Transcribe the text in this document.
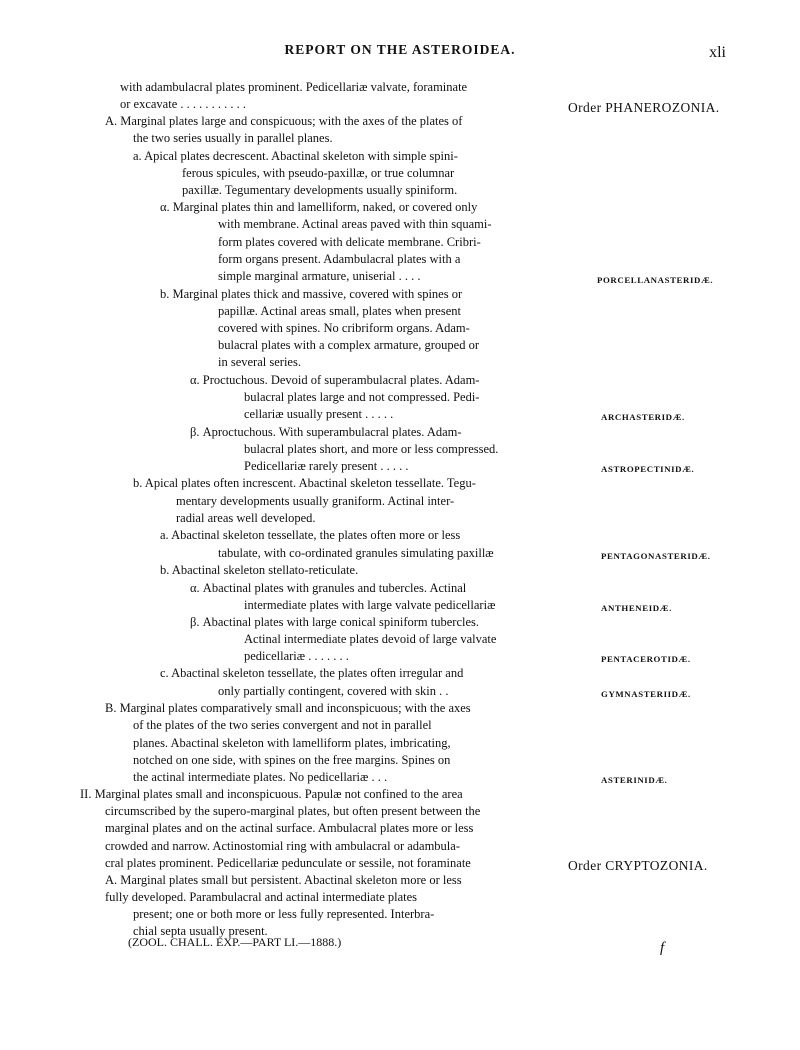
REPORT ON THE ASTEROIDEA.	xli
with adambulacral plates prominent. Pedicellariæ valvate, foraminate
or excavate . . . . . . . . . . .
A. Marginal plates large and conspicuous; with the axes of the plates of
the two series usually in parallel planes.
a. Apical plates decrescent. Abactinal skeleton with simple spini-
ferous spicules, with pseudo-paxillæ, or true columnar
paxillæ. Tegumentary developments usually spiniform.
α. Marginal plates thin and lamelliform, naked, or covered only
with membrane. Actinal areas paved with thin squami-
form plates covered with delicate membrane. Cribri-
form organs present. Adambulacral plates with a
simple marginal armature, uniserial . . . .
b. Marginal plates thick and massive, covered with spines or
papillæ. Actinal areas small, plates when present
covered with spines. No cribriform organs. Adam-
bulacral plates with a complex armature, grouped or
in several series.
α. Proctuchous. Devoid of superambulacral plates. Adam-
bulacral plates large and not compressed. Pedi-
cellariæ usually present . . . . .
β. Aproctuchous. With superambulacral plates. Adam-
bulacral plates short, and more or less compressed.
Pedicellariæ rarely present . . . . .
b. Apical plates often increscent. Abactinal skeleton tessellate. Tegu-
mentary developments usually graniform. Actinal inter-
radial areas well developed.
a. Abactinal skeleton tessellate, the plates often more or less
tabulate, with co-ordinated granules simulating paxillæ
b. Abactinal skeleton stellato-reticulate.
α. Abactinal plates with granules and tubercles. Actinal
intermediate plates with large valvate pedicellariæ
β. Abactinal plates with large conical spiniform tubercles.
Actinal intermediate plates devoid of large valvate
pedicellariæ . . . . . . .
c. Abactinal skeleton tessellate, the plates often irregular and
only partially contingent, covered with skin . .
B. Marginal plates comparatively small and inconspicuous; with the axes
of the plates of the two series convergent and not in parallel
planes. Abactinal skeleton with lamelliform plates, imbricating,
notched on one side, with spines on the free margins. Spines on
the actinal intermediate plates. No pedicellariæ . . .
II. Marginal plates small and inconspicuous. Papulæ not confined to the area
circumscribed by the supero-marginal plates, but often present between the
marginal plates and on the actinal surface. Ambulacral plates more or less
crowded and narrow. Actinostomial ring with ambulacral or adambula-
cral plates prominent. Pedicellariæ pedunculate or sessile, not foraminate
A. Marginal plates small but persistent. Abactinal skeleton more or less
fully developed. Parambulacral and actinal intermediate plates
present; one or both more or less fully represented. Interbra-
chial septa usually present.
Order PHANEROZONIA.
PORCELLANASTERIDÆ.
ARCHASTERIDÆ.
ASTROPECTINIDÆ.
PENTAGONASTERIDÆ.
ANTHENEIDÆ.
PENTACEROTIDÆ.
GYMNASTERIIDÆ.
ASTERINIDÆ.
Order CRYPTOZONIA.
(ZOOL. CHALL. EXP.—PART LI.—1888.)	f
